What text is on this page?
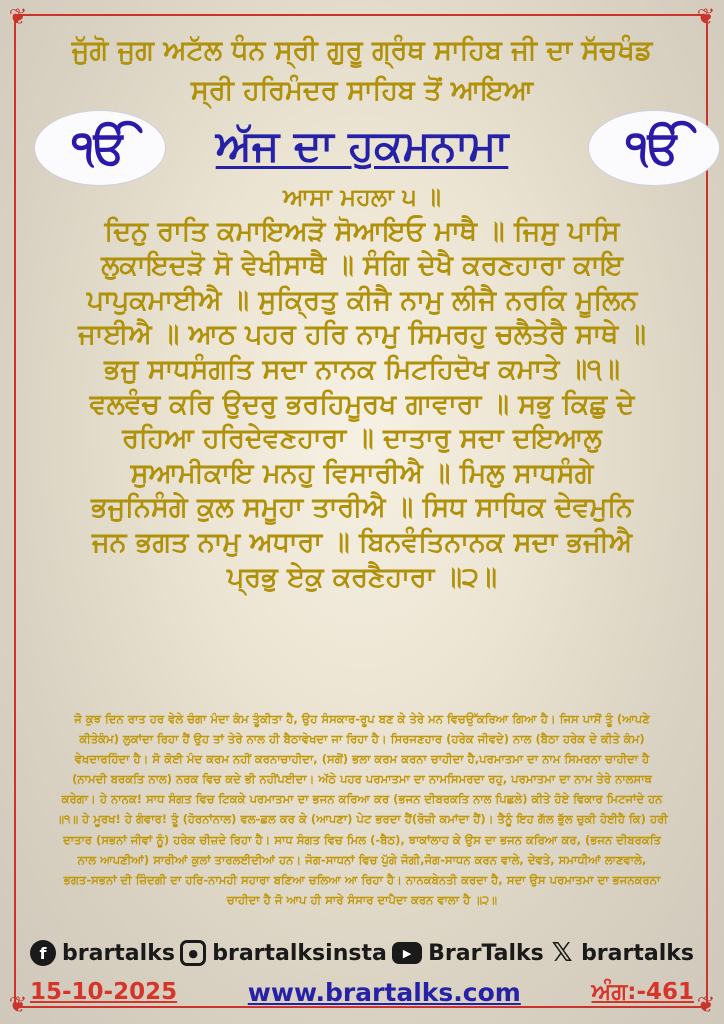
❦	❦
❦	❦
ਜੁੱਗੋ ਜੁਗ ਅਟੱਲ ਧੰਨ ਸ੍ਰੀ ਗੁਰੂ ਗ੍ਰੰਥ ਸਾਹਿਬ ਜੀ ਦਾ ਸੱਚਖੰਡ
ਸ੍ਰੀ ਹਰਿਮੰਦਰ ਸਾਹਿਬ ਤੋਂ ਆਇਆ
ੴ	ੴ
ਅੱਜ ਦਾ ਹੁਕਮਨਾਮਾ
ਆਸਾ ਮਹਲਾ ੫ ॥
ਦਿਨੁ ਰਾਤਿ ਕਮਾਇਅੜੋ ਸੋਆਇਓ ਮਾਥੈ ॥ ਜਿਸੁ ਪਾਸਿ
ਲੁਕਾਇਦੜੋ ਸੋ ਵੇਖੀਸਾਥੈ ॥ ਸੰਗਿ ਦੇਖੈ ਕਰਣਹਾਰਾ ਕਾਇ
ਪਾਪੁਕਮਾਈਐ ॥ ਸੁਕ੍ਰਿਤੁ ਕੀਜੈ ਨਾਮੁ ਲੀਜੈ ਨਰਕਿ ਮੂਲਿਨ
ਜਾਈਐ ॥ ਆਠ ਪਹਰ ਹਰਿ ਨਾਮੁ ਸਿਮਰਹੁ ਚਲੈਤੇਰੈ ਸਾਥੇ ॥
ਭਜੁ ਸਾਧਸੰਗਤਿ ਸਦਾ ਨਾਨਕ ਮਿਟਹਿਦੋਖ ਕਮਾਤੇ ॥੧॥
ਵਲਵੰਚ ਕਰਿ ਉਦਰੁ ਭਰਹਿਮੂਰਖ ਗਾਵਾਰਾ ॥ ਸਭੁ ਕਿਛੁ ਦੇ
ਰਹਿਆ ਹਰਿਦੇਵਣਹਾਰਾ ॥ ਦਾਤਾਰੁ ਸਦਾ ਦਇਆਲੁ
ਸੁਆਮੀਕਾਇ ਮਨਹੁ ਵਿਸਾਰੀਐ ॥ ਮਿਲੁ ਸਾਧਸੰਗੇ
ਭਜੁਨਿਸੰਗੇ ਕੁਲ ਸਮੂਹਾ ਤਾਰੀਐ ॥ ਸਿਧ ਸਾਧਿਕ ਦੇਵਮੁਨਿ
ਜਨ ਭਗਤ ਨਾਮੁ ਅਧਾਰਾ ॥ ਬਿਨਵੰਤਿਨਾਨਕ ਸਦਾ ਭਜੀਐ
ਪ੍ਰਭੁ ਏਕੁ ਕਰਣੈਹਾਰਾ ॥੨॥
ਜੋ ਕੁਝ ਦਿਨ ਰਾਤ ਹਰ ਵੇਲੇ ਚੰਗਾ ਮੰਦਾ ਕੰਮ ਤੂੰਕੀਤਾ ਹੈ, ਉਹ ਸੰਸਕਾਰ-ਰੂਪ ਬਣ ਕੇ ਤੇਰੇ ਮਨ ਵਿਚਉੱਕਰਿਆ ਗਿਆ ਹੈ। ਜਿਸ ਪਾਸੋਂ ਤੂੰ (ਆਪਣੇ
ਕੀਤੇਕੰਮ) ਲੁਕਾਂਦਾ ਰਿਹਾ ਹੈਂ ਉਹ ਤਾਂ ਤੇਰੇ ਨਾਲ ਹੀ ਬੈਠਾਵੇਖਦਾ ਜਾ ਰਿਹਾ ਹੈ। ਸਿਰਜਣਹਾਰ (ਹਰੇਕ ਜੀਵਦੇ) ਨਾਲ (ਬੈਠਾ ਹਰੇਕ ਦੇ ਕੀਤੇ ਕੰਮ)
ਵੇਖਦਾਰਹਿੰਦਾ ਹੈ। ਸੋ ਕੋਈ ਮੰਦ ਕਰਮ ਨਹੀਂ ਕਰਨਾਚਾਹੀਦਾ, (ਸਗੋਂ) ਭਲਾ ਕਰਮ ਕਰਨਾ ਚਾਹੀਦਾ ਹੈ,ਪਰਮਾਤਮਾ ਦਾ ਨਾਮ ਸਿਮਰਨਾ ਚਾਹੀਦਾ ਹੈ
(ਨਾਮਦੀ ਬਰਕਤਿ ਨਾਲ) ਨਰਕ ਵਿਚ ਕਦੇ ਭੀ ਨਹੀਂਪਈਦਾ। ਅੱਠੇ ਪਹਰ ਪਰਮਾਤਮਾ ਦਾ ਨਾਮਸਿਮਰਦਾ ਰਹੁ, ਪਰਮਾਤਮਾ ਦਾ ਨਾਮ ਤੇਰੇ ਨਾਲਸਾਥ
ਕਰੇਗਾ। ਹੇ ਨਾਨਕ! ਸਾਧ ਸੰਗਤ ਵਿਚ ਟਿਕਕੇ ਪਰਮਾਤਮਾ ਦਾ ਭਜਨ ਕਰਿਆ ਕਰ (ਭਜਨ ਦੀਬਰਕਤਿ ਨਾਲ ਪਿਛਲੇ) ਕੀਤੇ ਹੋਏ ਵਿਕਾਰ ਮਿਟਜਾਂਦੇ ਹਨ
॥੧॥ ਹੇ ਮੂਰਖ! ਹੇ ਗੰਵਾਰ! ਤੂੰ (ਹੋਰਨਾਂਨਾਲ) ਵਲ-ਛਲ ਕਰ ਕੇ (ਆਪਣਾ) ਪੇਟ ਭਰਦਾ ਹੈਂ(ਰੋਜ਼ੀ ਕਮਾਂਦਾ ਹੈਂ)। ਤੈਨੂੰ ਇਹ ਗੱਲ ਭੁੱਲ ਚੁਕੀ ਹੋਈਹੈ ਕਿ) ਹਰੀ
ਦਾਤਾਰ (ਸਭਨਾਂ ਜੀਵਾਂ ਨੂੰ) ਹਰੇਕ ਚੀਜ਼ਦੇ ਰਿਹਾ ਹੈ। ਸਾਧ ਸੰਗਤ ਵਿਚ ਮਿਲ (-ਬੈਠ), ਝਾਕਾਂਲਾਹ ਕੇ ਉਸ ਦਾ ਭਜਨ ਕਰਿਆ ਕਰ, (ਭਜਨ ਦੀਬਰਕਤਿ
ਨਾਲ ਆਪਣੀਆਂ) ਸਾਰੀਆਂ ਕੁਲਾਂ ਤਾਰਲਈਦੀਆਂ ਹਨ। ਜੋਗ-ਸਾਧਨਾਂ ਵਿਚ ਪੁੱਗੇ ਜੋਗੀ,ਜੋਗ-ਸਾਧਨ ਕਰਨ ਵਾਲੇ, ਦੇਵਤੇ, ਸਮਾਧੀਆਂ ਲਾਣਵਾਲੇ,
ਭਗਤ-ਸਭਨਾਂ ਦੀ ਜ਼ਿੰਦਗੀ ਦਾ ਹਰਿ-ਨਾਮਹੀ ਸਹਾਰਾ ਬਣਿਆ ਚਲਿਆ ਆ ਰਿਹਾ ਹੈ। ਨਾਨਕਬੇਨਤੀ ਕਰਦਾ ਹੈ, ਸਦਾ ਉਸ ਪਰਮਾਤਮਾ ਦਾ ਭਜਨਕਰਨਾ
ਚਾਹੀਦਾ ਹੈ ਜੋ ਆਪ ਹੀ ਸਾਰੇ ਸੰਸਾਰ ਦਾਪੈਦਾ ਕਰਨ ਵਾਲਾ ਹੈ ॥੨॥
f brartalks	● brartalksinsta	▶ BrarTalks 𝕏 brartalks
15-10-2025	www.brartalks.com	ਅੰਗ:-461
